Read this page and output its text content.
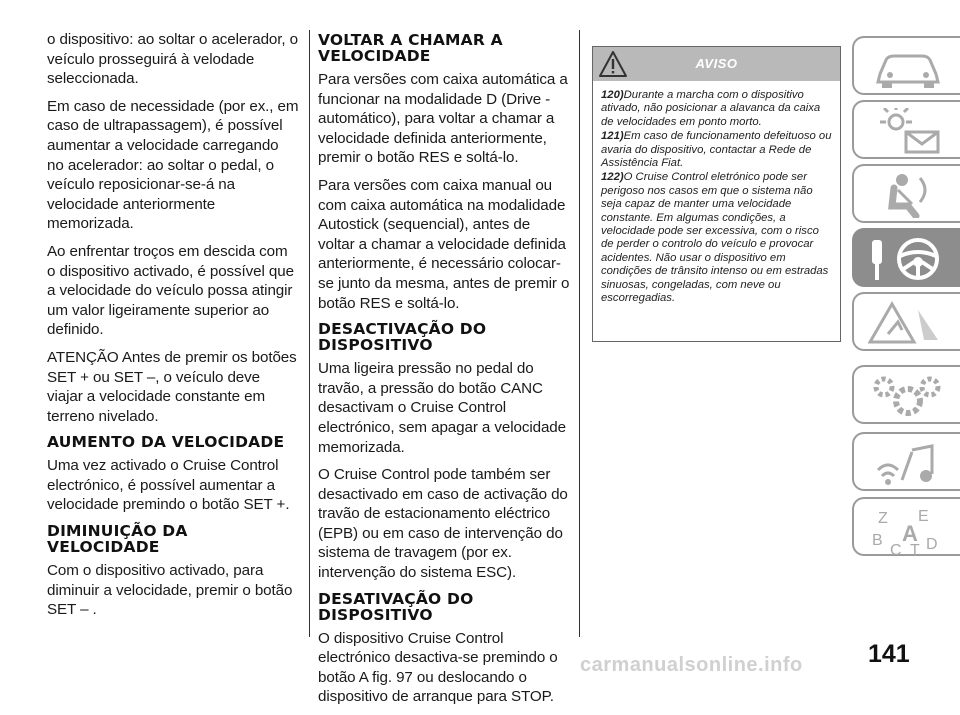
o dispositivo: ao soltar o acelerador, o veículo prosseguirá à velodade seleccionada.

Em caso de necessidade (por ex., em caso de ultrapassagem), é possível aumentar a velocidade carregando no acelerador: ao soltar o pedal, o veículo reposicionar-se-á na velocidade anteriormente memorizada.

Ao enfrentar troços em descida com o dispositivo activado, é possível que a velocidade do veículo possa atingir um valor ligeiramente superior ao definido.

ATENÇÃO Antes de premir os botões SET + ou SET –, o veículo deve viajar a velocidade constante em terreno nivelado.

AUMENTO DA VELOCIDADE

Uma vez activado o Cruise Control electrónico, é possível aumentar a velocidade premindo o botão SET +.

DIMINUIÇÃO DA VELOCIDADE

Com o dispositivo activado, para diminuir a velocidade, premir o botão SET – .

VOLTAR A CHAMAR A VELOCIDADE

Para versões com caixa automática a funcionar na modalidade D (Drive - automático), para voltar a chamar a velocidade definida anteriormente, premir o botão RES e soltá-lo.

Para versões com caixa manual ou com caixa automática na modalidade Autostick (sequencial), antes de voltar a chamar a velocidade definida anteriormente, é necessário colocar-se junto da mesma, antes de premir o botão RES e soltá-lo.

DESACTIVAÇÃO DO DISPOSITIVO

Uma ligeira pressão no pedal do travão, a pressão do botão CANC desactivam o Cruise Control electrónico, sem apagar a velocidade memorizada.

O Cruise Control pode também ser desactivado em caso de activação do travão de estacionamento eléctrico (EPB) ou em caso de intervenção do sistema de travagem (por ex. intervenção do sistema ESC).

DESATIVAÇÃO DO DISPOSITIVO

O dispositivo Cruise Control electrónico desactiva-se premindo o botão A fig. 97 ou deslocando o dispositivo de arranque para STOP.

AVISO

120)Durante a marcha com o dispositivo ativado, não posicionar a alavanca da caixa de velocidades em ponto morto.

121)Em caso de funcionamento defeituoso ou avaria do dispositivo, contactar a Rede de Assistência Fiat.

122)O Cruise Control eletrónico pode ser perigoso nos casos em que o sistema não seja capaz de manter uma velocidade constante. Em algumas condições, a velocidade pode ser excessiva, com o risco de perder o controlo do veículo e provocar acidentes. Não usar o dispositivo em condições de trânsito intenso ou em estradas sinuosas, congeladas, com neve ou escorregadias.

Z E
B A
C T D
141
carmanualsonline.info
